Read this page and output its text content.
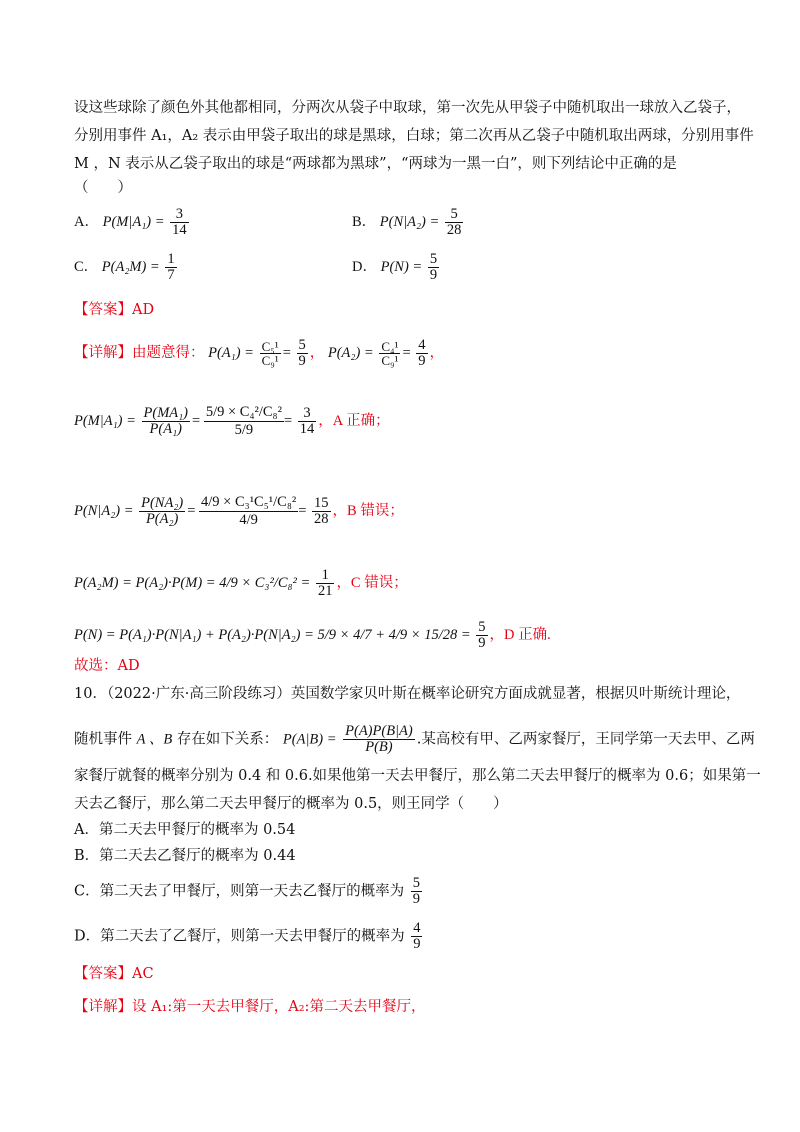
设这些球除了颜色外其他都相同，分两次从袋子中取球，第一次先从甲袋子中随机取出一球放入乙袋子，
分别用事件 A₁，A₂ 表示由甲袋子取出的球是黑球，白球；第二次再从乙袋子中随机取出两球，分别用事件
M ，N 表示从乙袋子取出的球是“两球都为黑球”，“两球为一黑一白”，则下列结论中正确的是
（　　）
A． $P(M|A_1) = \frac{3}{14}$	B． $P(N|A_2) = \frac{5}{28}$
C． $P(A_2M) = \frac{1}{7}$	D． $P(N) = \frac{5}{9}$
【答案】AD
【详解】由题意得： $P(A_1) = \frac{\text{C₅¹}}{\text{C₉¹}} = \frac{5}{9}$ ， $P(A_2) = \frac{\text{C₄¹}}{\text{C₉¹}} = \frac{4}{9}$ ，
$P(M|A_1) = \frac{\text{P(MA₁)}}{\text{P(A₁)}} = \frac{\text{5/9 × C₄²/C₈²}}{5/9} = \frac{3}{14}$ ，A 正确；
$P(N|A_2) = \frac{\text{P(NA₂)}}{\text{P(A₂)}} = \frac{\text{4/9 × C₃¹C₅¹/C₈²}}{4/9} = \frac{15}{28}$ ，B 错误；
$P(A_2M) = P(A_2)\cdot P(M) = 4/9 \times C_3^2/C_8^2 = \frac{1}{21}$ ，C 错误；
$P(N) = P(A_1)\cdot P(N|A_1) + P(A_2)\cdot P(N|A_2) = 5/9 \times 4/7 + 4/9 \times 15/28 = \frac{5}{9}$ ，D 正确.
故选：AD
10．（2022·广东·高三阶段练习）英国数学家贝叶斯在概率论研究方面成就显著，根据贝叶斯统计理论，
随机事件 A 、B 存在如下关系： $P(A|B) = \frac{P(A)P(B|A)}{P(B)}$ .某高校有甲、乙两家餐厅，王同学第一天去甲、乙两
家餐厅就餐的概率分别为 0.4 和 0.6.如果他第一天去甲餐厅，那么第二天去甲餐厅的概率为 0.6；如果第一
天去乙餐厅，那么第二天去甲餐厅的概率为 0.5，则王同学（　　）
A．第二天去甲餐厅的概率为 0.54
B．第二天去乙餐厅的概率为 0.44
C．第二天去了甲餐厅，则第一天去乙餐厅的概率为 $\frac{5}{9}$
D．第二天去了乙餐厅，则第一天去甲餐厅的概率为 $\frac{4}{9}$
【答案】AC
【详解】设 A₁:第一天去甲餐厅，A₂:第二天去甲餐厅，
